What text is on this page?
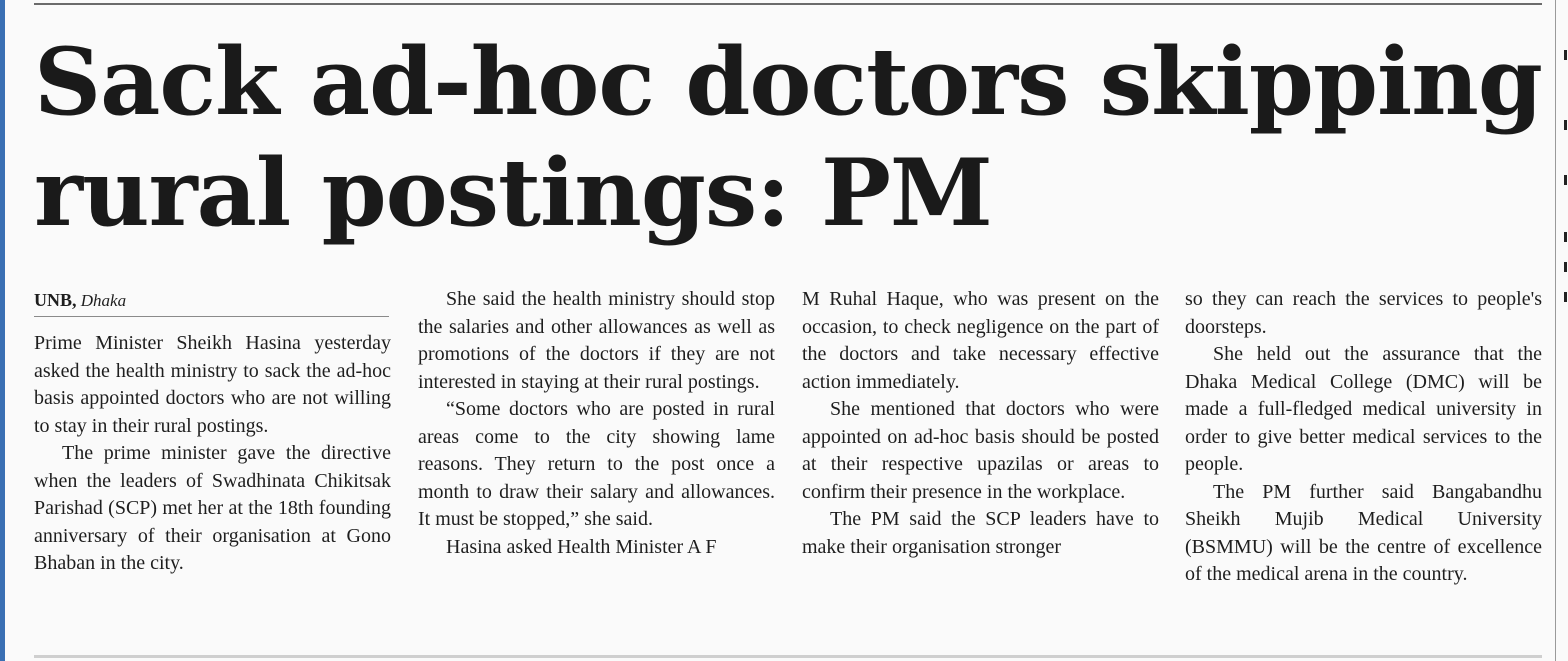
Sack ad-hoc doctors skipping
rural postings: PM
UNB, Dhaka

Prime Minister Sheikh Hasina yesterday asked the health ministry to sack the ad-hoc basis appointed doctors who are not willing to stay in their rural postings.

The prime minister gave the directive when the leaders of Swadhinata Chikitsak Parishad (SCP) met her at the 18th founding anniversary of their organisation at Gono Bhaban in the city.

She said the health ministry should stop the salaries and other allowances as well as promotions of the doctors if they are not interested in staying at their rural postings.

“Some doctors who are posted in rural areas come to the city showing lame reasons. They return to the post once a month to draw their salary and allowances. It must be stopped,” she said.

Hasina asked Health Minister A F

M Ruhal Haque, who was present on the occasion, to check negligence on the part of the doctors and take necessary effective action immediately.

She mentioned that doctors who were appointed on ad-hoc basis should be posted at their respective upazilas or areas to confirm their presence in the workplace.

The PM said the SCP leaders have to make their organisation stronger

so they can reach the services to people's doorsteps.

She held out the assurance that the Dhaka Medical College (DMC) will be made a full-fledged medical university in order to give better medical services to the people.

The PM further said Bangabandhu Sheikh Mujib Medical University (BSMMU) will be the centre of excellence of the medical arena in the country.
